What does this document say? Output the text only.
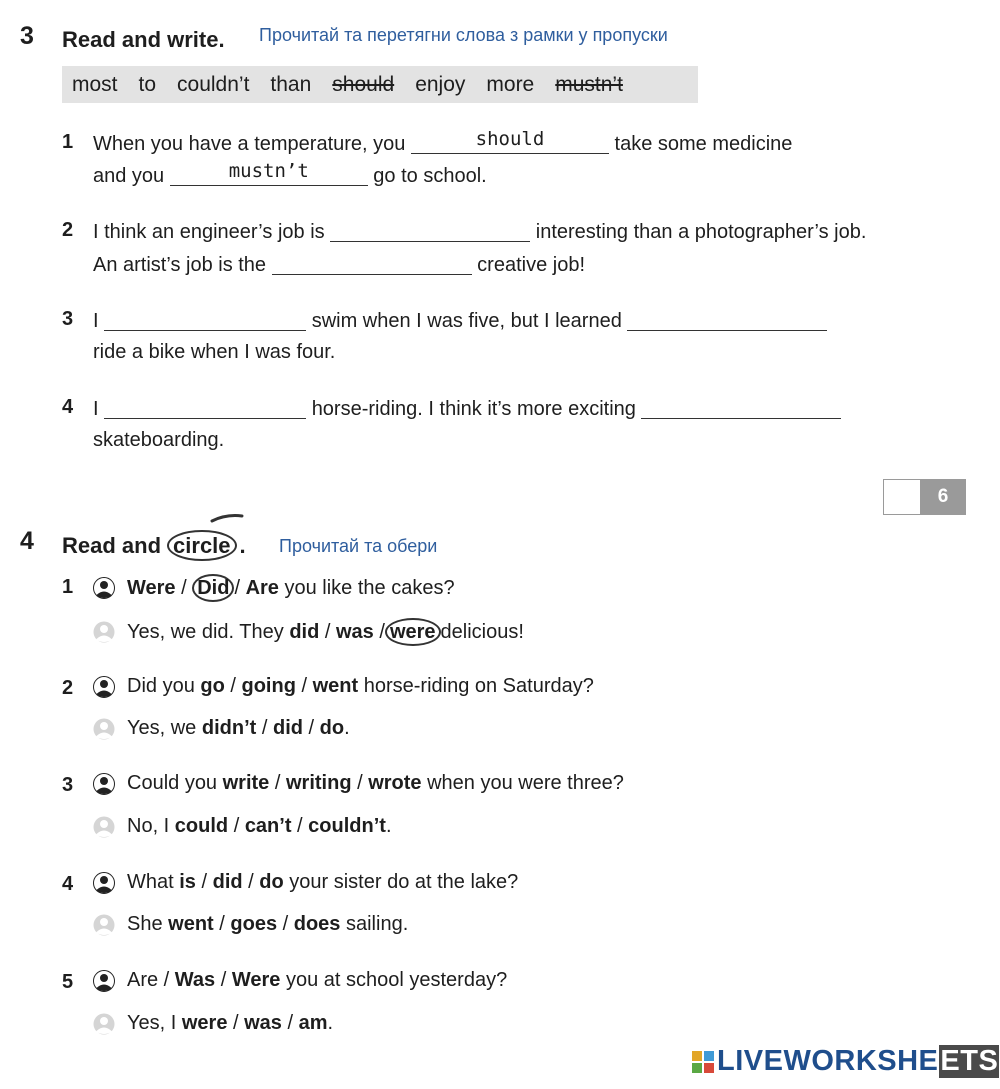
3 Read and write. Прочитай та перетягни слова з рамки у пропуски
most to couldn’t than should enjoy more mustn’t
1 When you have a temperature, you	should	take some medicine
and you	mustn’t	go to school.
2 I think an engineer’s job is	interesting than a photographer’s job.
An artist’s job is the	creative job!
3 I	swim when I was five, but I learned
ride a bike when I was four.
4 I	horse-riding. I think it’s more exciting
skateboarding.
6
4 Read and circle . Прочитай та обери
1	Were / Did / Are you like the cakes?
Yes, we did. They did / was / were delicious!
2	Did you go / going / went horse-riding on Saturday?
Yes, we didn’t / did / do .
3	Could you write / writing / wrote when you were three?
No, I could / can’t / couldn’t .
4	What is / did / do your sister do at the lake?
She went / goes / does sailing.
5	Are / Was / Were you at school yesterday?
Yes, I were / was / am .
LIVEWORKSHE ETS
